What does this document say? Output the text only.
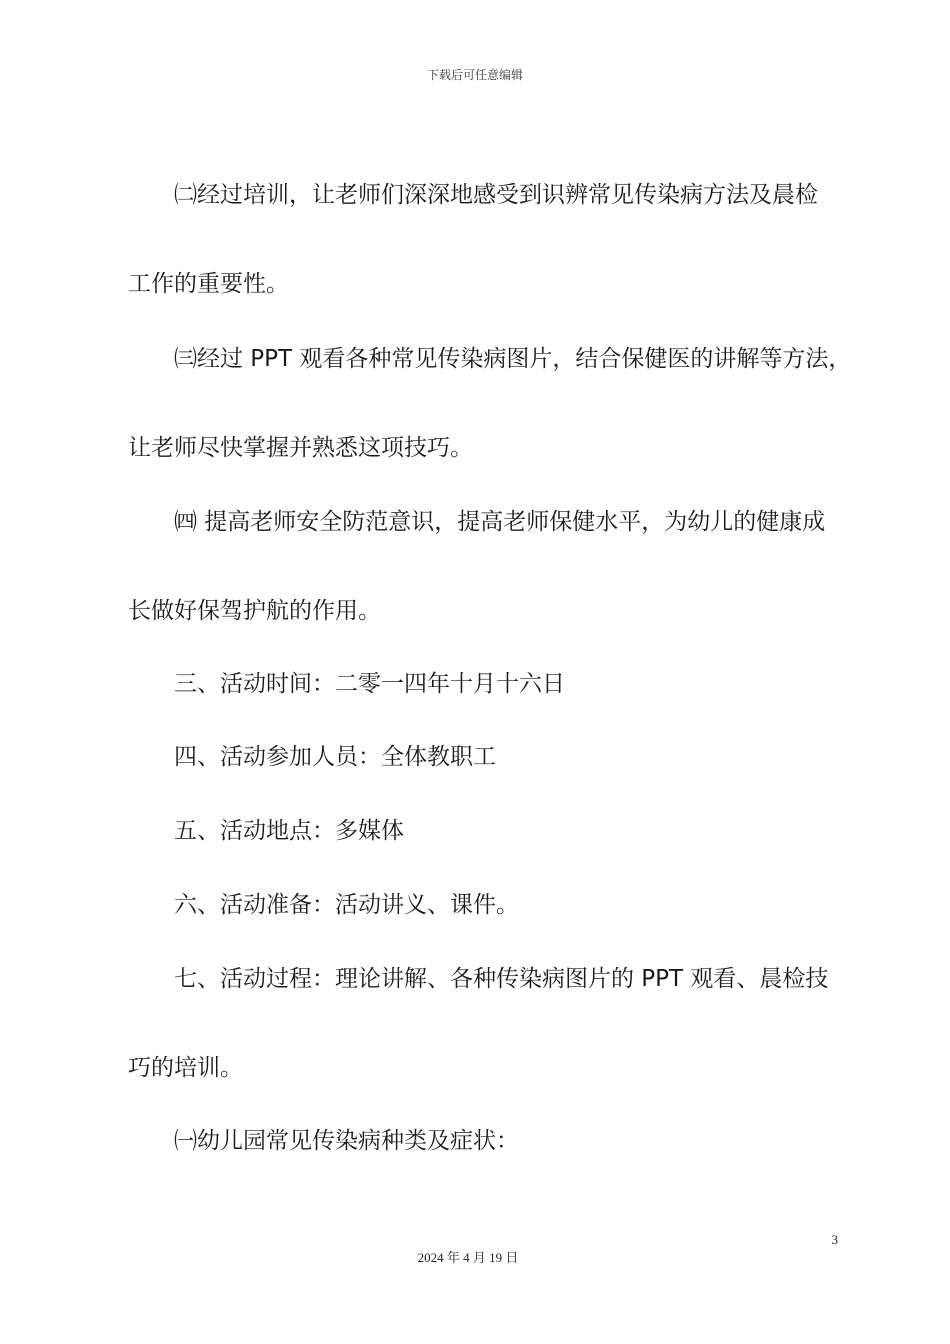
下载后可任意编辑
㈡经过培训，让老师们深深地感受到识辨常见传染病方法及晨检
工作的重要性。
㈢经过 PPT 观看各种常见传染病图片，结合保健医的讲解等方法，
让老师尽快掌握并熟悉这项技巧。
㈣ 提高老师安全防范意识，提高老师保健水平，为幼儿的健康成
长做好保驾护航的作用。
三、活动时间：二零一四年十月十六日
四、活动参加人员：全体教职工
五、活动地点：多媒体
六、活动准备：活动讲义、课件。
七、活动过程：理论讲解、各种传染病图片的 PPT 观看、晨检技
巧的培训。
㈠幼儿园常见传染病种类及症状：
3
2024 年 4 月 19 日
